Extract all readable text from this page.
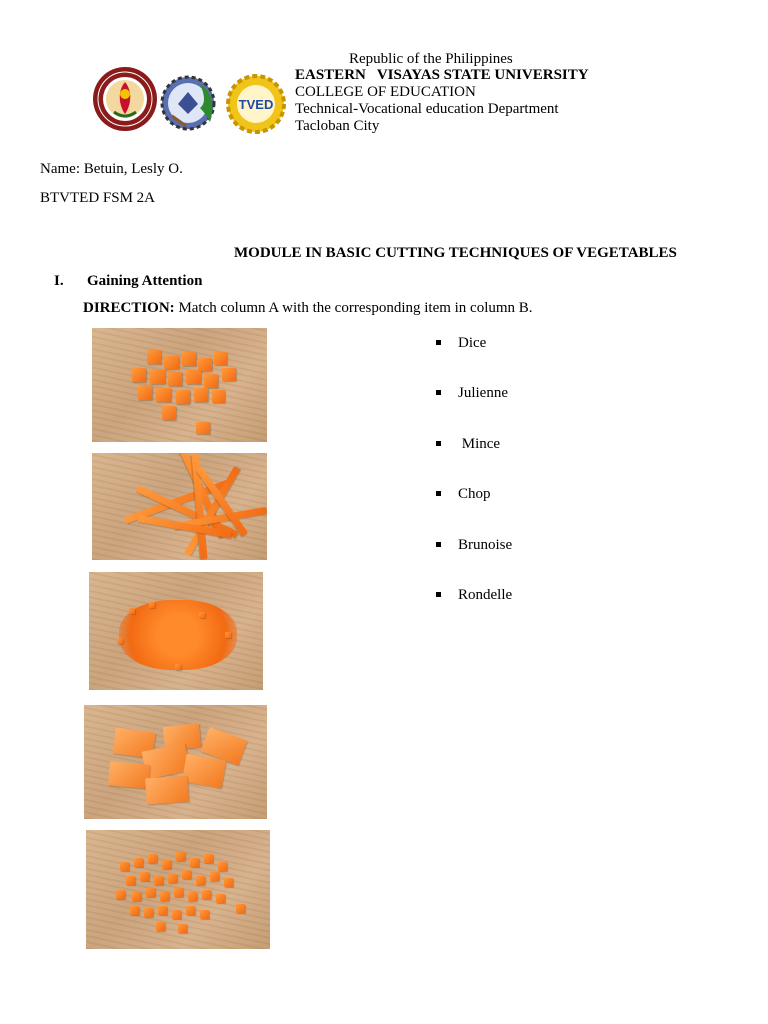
TVED
Republic of the Philippines
EASTERN   VISAYAS STATE UNIVERSITY
COLLEGE OF EDUCATION
Technical-Vocational education Department
Tacloban City
Name: Betuin, Lesly O.
BTVTED FSM 2A
MODULE IN BASIC CUTTING TECHNIQUES OF VEGETABLES
I. Gaining Attention
DIRECTION: Match column A with the corresponding item in column B.
Dice
Julienne
Mince
Chop
Brunoise
Rondelle
